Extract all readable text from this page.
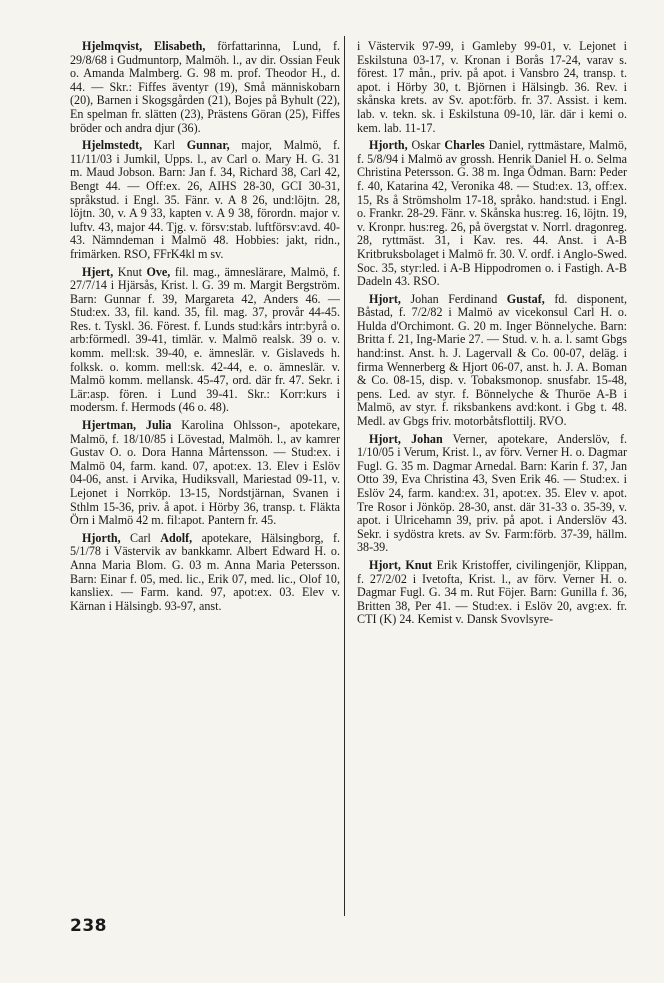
Hjelmqvist, Elisabeth, författarinna, Lund, f. 29/8/68 i Gudmuntorp, Malmöh. l., av dir. Ossian Feuk o. Amanda Malmberg. G. 98 m. prof. Theodor H., d. 44. — Skr.: Fiffes äventyr (19), Små människobarn (20), Barnen i Skogsgården (21), Bojes på Byhult (22), En spelman fr. slätten (23), Prästens Göran (25), Fiffes bröder och andra djur (36).

Hjelmstedt, Karl Gunnar, major, Malmö, f. 11/11/03 i Jumkil, Upps. l., av Carl o. Mary H. G. 31 m. Maud Jobson. Barn: Jan f. 34, Richard 38, Carl 42, Bengt 44. — Off:ex. 26, AIHS 28-30, GCI 30-31, språkstud. i Engl. 35. Fänr. v. A 8 26, und:löjtn. 28, löjtn. 30, v. A 9 33, kapten v. A 9 38, förordn. major v. luftv. 43, major 44. Tjg. v. försv:stab. luftförsv:avd. 40-43. Nämndeman i Malmö 48. Hobbies: jakt, ridn., frimärken. RSO, FFrK4kl m sv.

Hjert, Knut Ove, fil. mag., ämneslärare, Malmö, f. 27/7/14 i Hjärsås, Krist. l. G. 39 m. Margit Bergström. Barn: Gunnar f. 39, Margareta 42, Anders 46. — Stud:ex. 33, fil. kand. 35, fil. mag. 37, provår 44-45. Res. t. Tyskl. 36. Förest. f. Lunds stud:kårs intr:byrå o. arb:förmedl. 39-41, timlär. v. Malmö realsk. 39 o. v. komm. mell:sk. 39-40, e. ämneslär. v. Gislaveds h. folksk. o. komm. mell:sk. 42-44, e. o. ämneslär. v. Malmö komm. mellansk. 45-47, ord. där fr. 47. Sekr. i Lär:asp. fören. i Lund 39-41. Skr.: Korr:kurs i modersm. f. Hermods (46 o. 48).

Hjertman, Julia Karolina Ohlsson-, apotekare, Malmö, f. 18/10/85 i Lövestad, Malmöh. l., av kamrer Gustav O. o. Dora Hanna Mårtensson. — Stud:ex. i Malmö 04, farm. kand. 07, apot:ex. 13. Elev i Eslöv 04-06, anst. i Arvika, Hudiksvall, Mariestad 09-11, v. Lejonet i Norrköp. 13-15, Nordstjärnan, Svanen i Sthlm 15-36, priv. å apot. i Hörby 36, transp. t. Fläkta Örn i Malmö 42 m. fil:apot. Pantern fr. 45.

Hjorth, Carl Adolf, apotekare, Hälsingborg, f. 5/1/78 i Västervik av bankkamr. Albert Edward H. o. Anna Maria Blom. G. 03 m. Anna Maria Petersson. Barn: Einar f. 05, med. lic., Erik 07, med. lic., Olof 10, kansliex. — Farm. kand. 97, apot:ex. 03. Elev v. Kärnan i Hälsingb. 93-97, anst.

i Västervik 97-99, i Gamleby 99-01, v. Lejonet i Eskilstuna 03-17, v. Kronan i Borås 17-24, varav s. förest. 17 mån., priv. på apot. i Vansbro 24, transp. t. apot. i Hörby 30, t. Björnen i Hälsingb. 36. Rev. i skånska krets. av Sv. apot:förb. fr. 37. Assist. i kem. lab. v. tekn. sk. i Eskilstuna 09-10, lär. där i kemi o. kem. lab. 11-17.

Hjorth, Oskar Charles Daniel, ryttmästare, Malmö, f. 5/8/94 i Malmö av grossh. Henrik Daniel H. o. Selma Christina Petersson. G. 38 m. Inga Ödman. Barn: Peder f. 40, Katarina 42, Veronika 48. — Stud:ex. 13, off:ex. 15, Rs å Strömsholm 17-18, språko. hand:stud. i Engl. o. Frankr. 28-29. Fänr. v. Skånska hus:reg. 16, löjtn. 19, v. Kronpr. hus:reg. 26, på övergstat v. Norrl. dragonreg. 28, ryttmäst. 31, i Kav. res. 44. Anst. i A-B Kritbruksbolaget i Malmö fr. 30. V. ordf. i Anglo-Swed. Soc. 35, styr:led. i A-B Hippodromen o. i Fastigh. A-B Dadeln 43. RSO.

Hjort, Johan Ferdinand Gustaf, fd. disponent, Båstad, f. 7/2/82 i Malmö av vicekonsul Carl H. o. Hulda d'Orchimont. G. 20 m. Inger Bönnelyche. Barn: Britta f. 21, Ing-Marie 27. — Stud. v. h. a. l. samt Gbgs hand:inst. Anst. h. J. Lagervall & Co. 00-07, deläg. i firma Wennerberg & Hjort 06-07, anst. h. J. A. Boman & Co. 08-15, disp. v. Tobaksmonop. snusfabr. 15-48, pens. Led. av styr. f. Bönnelyche & Thuröe A-B i Malmö, av styr. f. riksbankens avd:kont. i Gbg t. 48. Medl. av Gbgs friv. motorbåtsflottilj. RVO.

Hjort, Johan Verner, apotekare, Anderslöv, f. 1/10/05 i Verum, Krist. l., av förv. Verner H. o. Dagmar Fugl. G. 35 m. Dagmar Arnedal. Barn: Karin f. 37, Jan Otto 39, Eva Christina 43, Sven Erik 46. — Stud:ex. i Eslöv 24, farm. kand:ex. 31, apot:ex. 35. Elev v. apot. Tre Rosor i Jönköp. 28-30, anst. där 31-33 o. 35-39, v. apot. i Ulricehamn 39, priv. på apot. i Anderslöv 43. Sekr. i sydöstra krets. av Sv. Farm:förb. 37-39, hällm. 38-39.

Hjort, Knut Erik Kristoffer, civilingenjör, Klippan, f. 27/2/02 i Ivetofta, Krist. l., av förv. Verner H. o. Dagmar Fugl. G. 34 m. Rut Föjer. Barn: Gunilla f. 36, Britten 38, Per 41. — Stud:ex. i Eslöv 20, avg:ex. fr. CTI (K) 24. Kemist v. Dansk Svovlsyre-

238
